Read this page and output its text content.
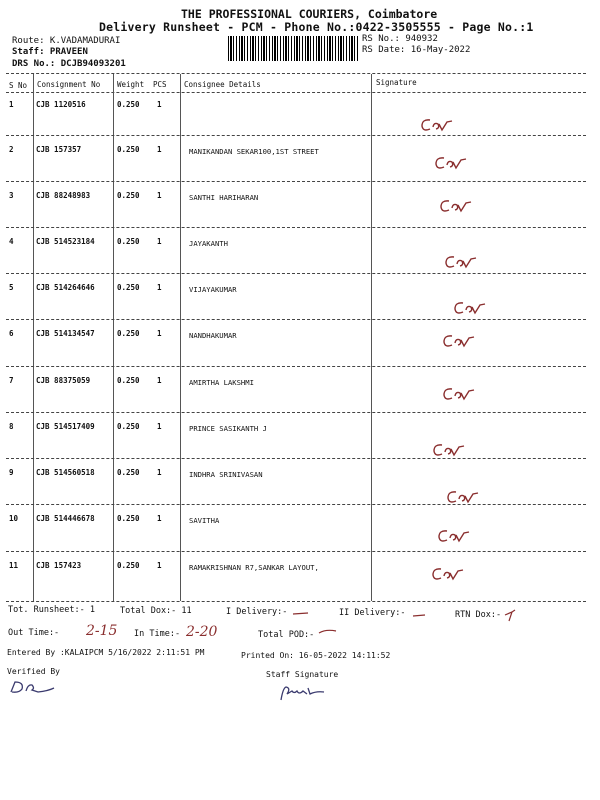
THE PROFESSIONAL COURIERS, Coimbatore
Delivery Runsheet - PCM - Phone No.:0422-3505555 - Page No.:1
Route: K.VADAMADURAI
Staff: PRAVEEN
DRS No.: DCJB94093201
RS No.: 940932
RS Date: 16-May-2022
S No Consignment No Weight PCS Consignee Details	Signature
1	CJB 1120516	0.250 1
2	CJB 157357	0.250 1	MANIKANDAN SEKAR100,1ST STREET
3	CJB 88248983	0.250 1	SANTHI HARIHARAN
4	CJB 514523184	0.250 1	JAYAKANTH
5	CJB 514264646	0.250 1	VIJAYAKUMAR
6	CJB 514134547	0.250 1	NANDHAKUMAR
7	CJB 88375059	0.250 1	AMIRTHA LAKSHMI
8	CJB 514517409	0.250 1	PRINCE SASIKANTH J
9	CJB 514560518	0.250 1	INDHRA SRINIVASAN
10 CJB 514446678	0.250 1	SAVITHA
11 CJB 157423	0.250 1	RAMAKRISHNAN R7,SANKAR LAYOUT,
Tot. Runsheet:- 1	Total Dox:- 11	I Delivery:-	II Delivery:-	RTN Dox:-
Out Time:- 2-15 In Time:- 2-20	Total POD:-
Entered By :KALAIPCM 5/16/2022 2:11:51 PM	Printed On: 16-05-2022 14:11:52
Verified By	Staff Signature
